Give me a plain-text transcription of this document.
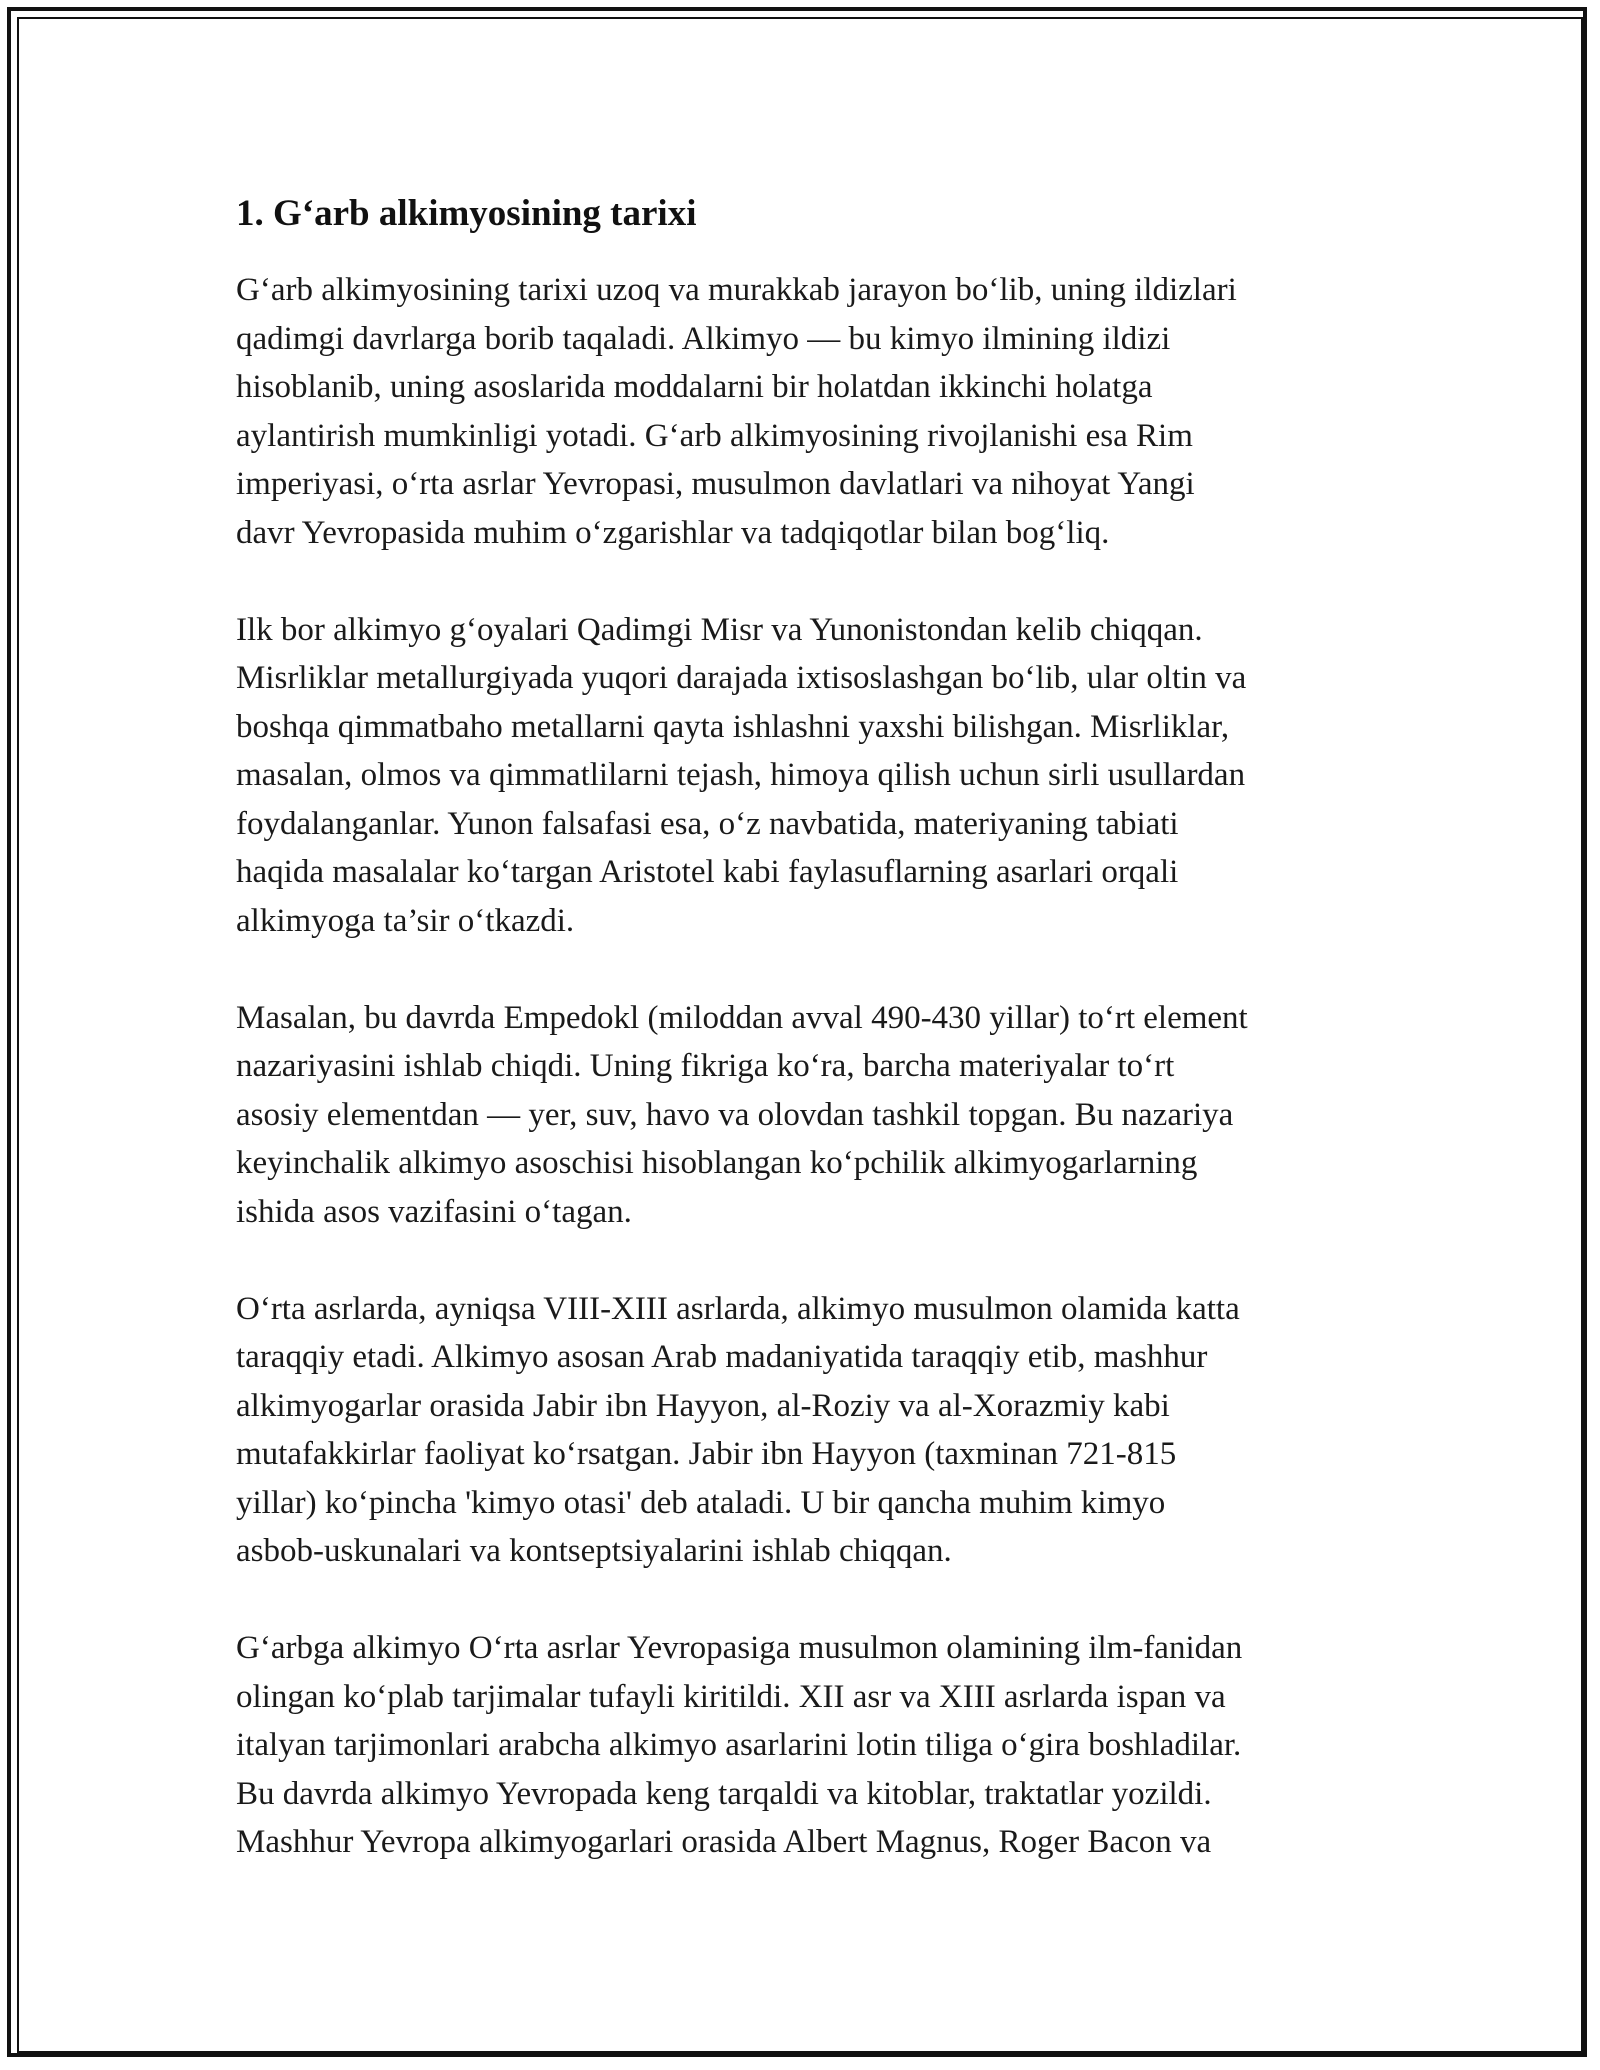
1. G‘arb alkimyosining tarixi

G‘arb alkimyosining tarixi uzoq va murakkab jarayon bo‘lib, uning ildizlari
qadimgi davrlarga borib taqaladi. Alkimyo — bu kimyo ilmining ildizi
hisoblanib, uning asoslarida moddalarni bir holatdan ikkinchi holatga
aylantirish mumkinligi yotadi. G‘arb alkimyosining rivojlanishi esa Rim
imperiyasi, o‘rta asrlar Yevropasi, musulmon davlatlari va nihoyat Yangi
davr Yevropasida muhim o‘zgarishlar va tadqiqotlar bilan bog‘liq.

Ilk bor alkimyo g‘oyalari Qadimgi Misr va Yunonistondan kelib chiqqan.
Misrliklar metallurgiyada yuqori darajada ixtisoslashgan bo‘lib, ular oltin va
boshqa qimmatbaho metallarni qayta ishlashni yaxshi bilishgan. Misrliklar,
masalan, olmos va qimmatlilarni tejash, himoya qilish uchun sirli usullardan
foydalanganlar. Yunon falsafasi esa, o‘z navbatida, materiyaning tabiati
haqida masalalar ko‘targan Aristotel kabi faylasuflarning asarlari orqali
alkimyoga ta’sir o‘tkazdi.

Masalan, bu davrda Empedokl (miloddan avval 490-430 yillar) to‘rt element
nazariyasini ishlab chiqdi. Uning fikriga ko‘ra, barcha materiyalar to‘rt
asosiy elementdan — yer, suv, havo va olovdan tashkil topgan. Bu nazariya
keyinchalik alkimyo asoschisi hisoblangan ko‘pchilik alkimyogarlarning
ishida asos vazifasini o‘tagan.

O‘rta asrlarda, ayniqsa VIII-XIII asrlarda, alkimyo musulmon olamida katta
taraqqiy etadi. Alkimyo asosan Arab madaniyatida taraqqiy etib, mashhur
alkimyogarlar orasida Jabir ibn Hayyon, al-Roziy va al-Xorazmiy kabi
mutafakkirlar faoliyat ko‘rsatgan. Jabir ibn Hayyon (taxminan 721-815
yillar) ko‘pincha 'kimyo otasi' deb ataladi. U bir qancha muhim kimyo
asbob-uskunalari va kontseptsiyalarini ishlab chiqqan.

G‘arbga alkimyo O‘rta asrlar Yevropasiga musulmon olamining ilm-fanidan
olingan ko‘plab tarjimalar tufayli kiritildi. XII asr va XIII asrlarda ispan va
italyan tarjimonlari arabcha alkimyo asarlarini lotin tiliga o‘gira boshladilar.
Bu davrda alkimyo Yevropada keng tarqaldi va kitoblar, traktatlar yozildi.
Mashhur Yevropa alkimyogarlari orasida Albert Magnus, Roger Bacon va
